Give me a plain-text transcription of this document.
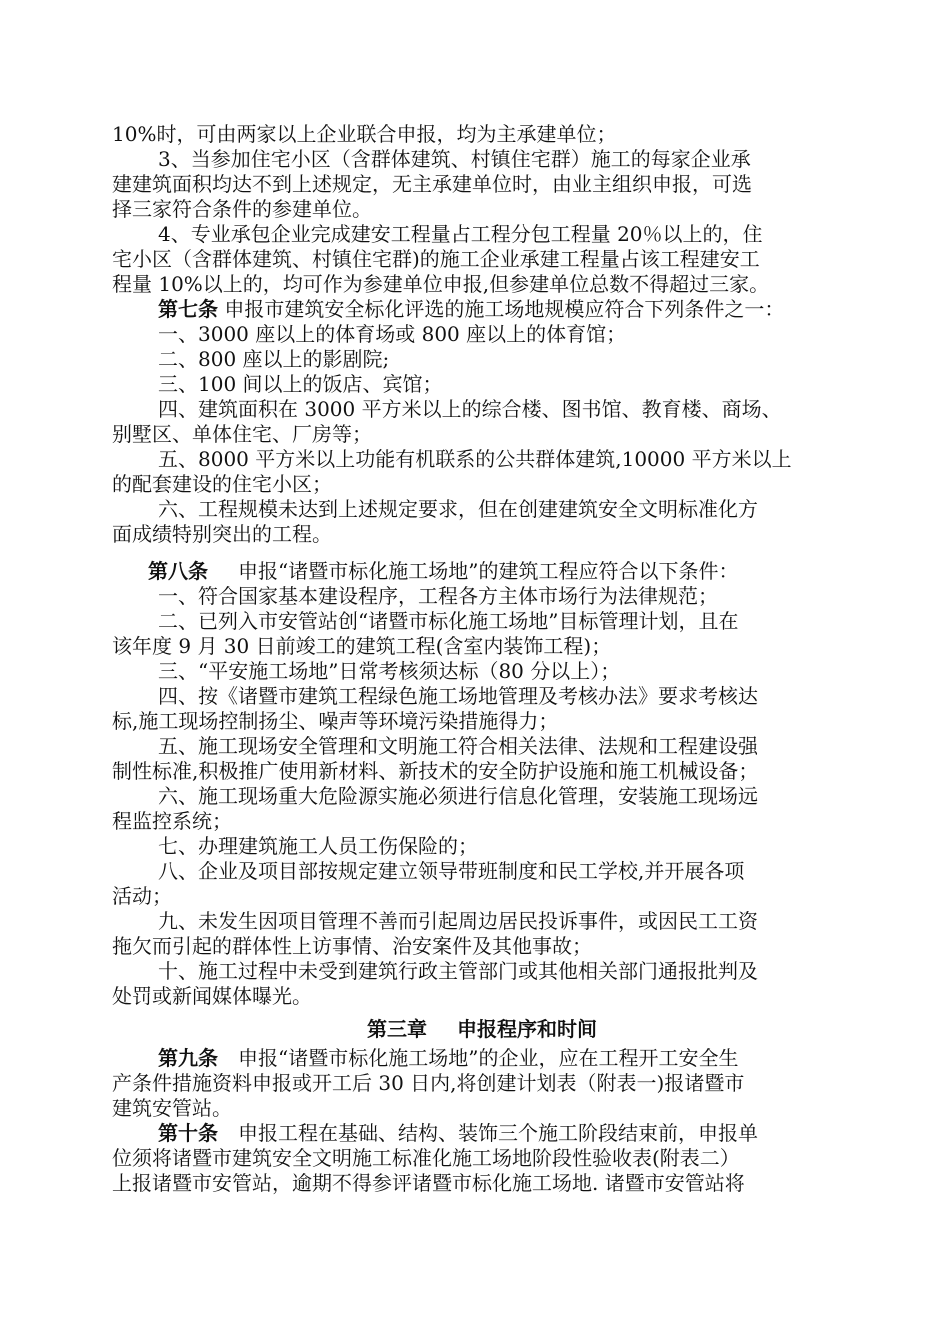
10%时，可由两家以上企业联合申报，均为主承建单位；
3、当参加住宅小区（含群体建筑、村镇住宅群）施工的每家企业承
建建筑面积均达不到上述规定，无主承建单位时，由业主组织申报，可选
择三家符合条件的参建单位。
4、专业承包企业完成建安工程量占工程分包工程量 20％以上的，住
宅小区（含群体建筑、村镇住宅群)的施工企业承建工程量占该工程建安工
程量 10%以上的，均可作为参建单位申报,但参建单位总数不得超过三家。
第七条 申报市建筑安全标化评选的施工场地规模应符合下列条件之一：
一、3000 座以上的体育场或 800 座以上的体育馆；
二、800 座以上的影剧院;
三、100 间以上的饭店、宾馆；
四、建筑面积在 3000 平方米以上的综合楼、图书馆、教育楼、商场、
别墅区、单体住宅、厂房等；
五、8000 平方米以上功能有机联系的公共群体建筑,10000 平方米以上
的配套建设的住宅小区；
六、工程规模未达到上述规定要求，但在创建建筑安全文明标准化方
面成绩特别突出的工程。
第八条 申报“诸暨市标化施工场地”的建筑工程应符合以下条件：
一、符合国家基本建设程序，工程各方主体市场行为法律规范；
二、已列入市安管站创“诸暨市标化施工场地”目标管理计划，且在
该年度 9 月 30 日前竣工的建筑工程(含室内装饰工程)；
三、“平安施工场地”日常考核须达标（80 分以上）；
四、按《诸暨市建筑工程绿色施工场地管理及考核办法》要求考核达
标,施工现场控制扬尘、噪声等环境污染措施得力；
五、施工现场安全管理和文明施工符合相关法律、法规和工程建设强
制性标准,积极推广使用新材料、新技术的安全防护设施和施工机械设备；
六、施工现场重大危险源实施必须进行信息化管理，安装施工现场远
程监控系统；
七、办理建筑施工人员工伤保险的；
八、企业及项目部按规定建立领导带班制度和民工学校,并开展各项
活动；
九、未发生因项目管理不善而引起周边居民投诉事件，或因民工工资
拖欠而引起的群体性上访事情、治安案件及其他事故；
十、施工过程中未受到建筑行政主管部门或其他相关部门通报批判及
处罚或新闻媒体曝光。
第三章 申报程序和时间
第九条 申报“诸暨市标化施工场地”的企业，应在工程开工安全生
产条件措施资料申报或开工后 30 日内,将创建计划表（附表一)报诸暨市
建筑安管站。
第十条 申报工程在基础、结构、装饰三个施工阶段结束前，申报单
位须将诸暨市建筑安全文明施工标准化施工场地阶段性验收表(附表二）
上报诸暨市安管站，逾期不得参评诸暨市标化施工场地. 诸暨市安管站将
